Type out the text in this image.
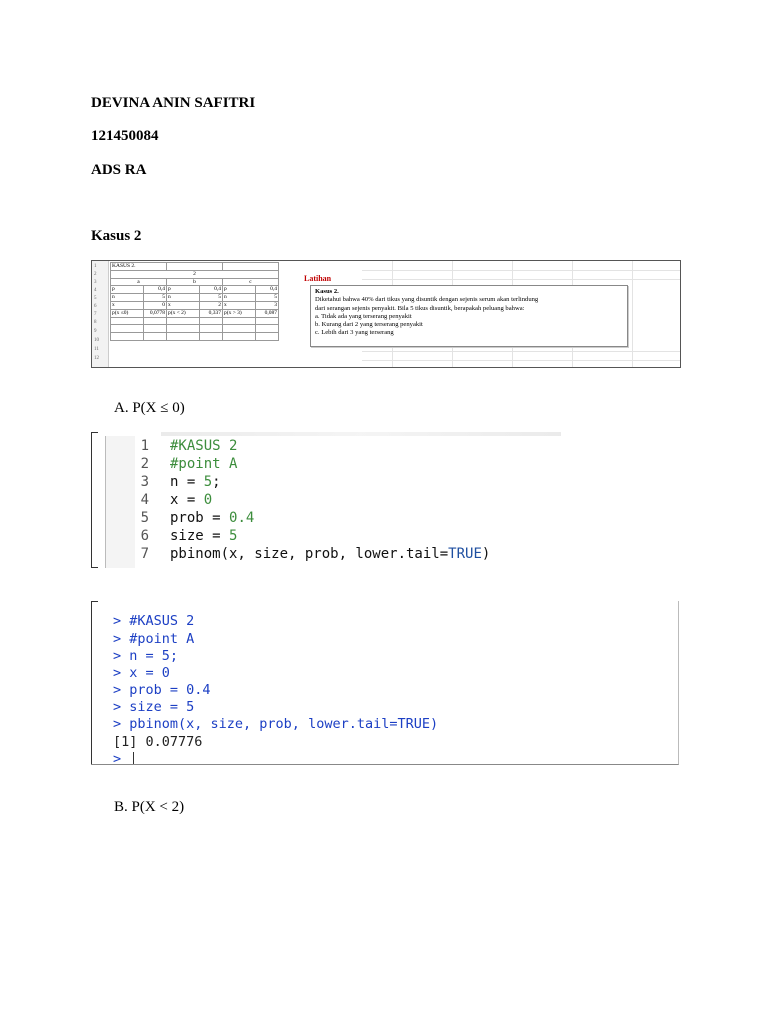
DEVINA ANIN SAFITRI
121450084
ADS RA
Kasus 2
1
2
3
4
5
6
7
8
9
10
11
12
KASUS 2.					
2					
a		b		c	
p	0,4	p	0,4	p	0,4
n	5	n	5	n	5
x	0	x	2	x	3
p(x ≤0)	0,0778	p(x < 2)	0,337	p(x > 3)	0,087

Latihan
Kasus 2.
Diketahui bahwa 40% dari tikus yang disuntik dengan sejenis serum akan terlindung
dari serangan sejenis penyakit. Bila 5 tikus disuntik, berapakah peluang bahwa:
a. Tidak ada yang terserang penyakit
b. Kurang dari 2 yang terserang penyakit
c. Lebih dari 3 yang terserang
A. P(X ≤ 0)
1 #KASUS 2
2 #point A
3 n = 5;
4 x = 0
5 prob = 0.4
6 size = 5
7 pbinom(x, size, prob, lower.tail=TRUE)
> #KASUS 2
> #point A
> n = 5;
> x = 0
> prob = 0.4
> size = 5
> pbinom(x, size, prob, lower.tail=TRUE)
[1] 0.07776
>
B. P(X < 2)
